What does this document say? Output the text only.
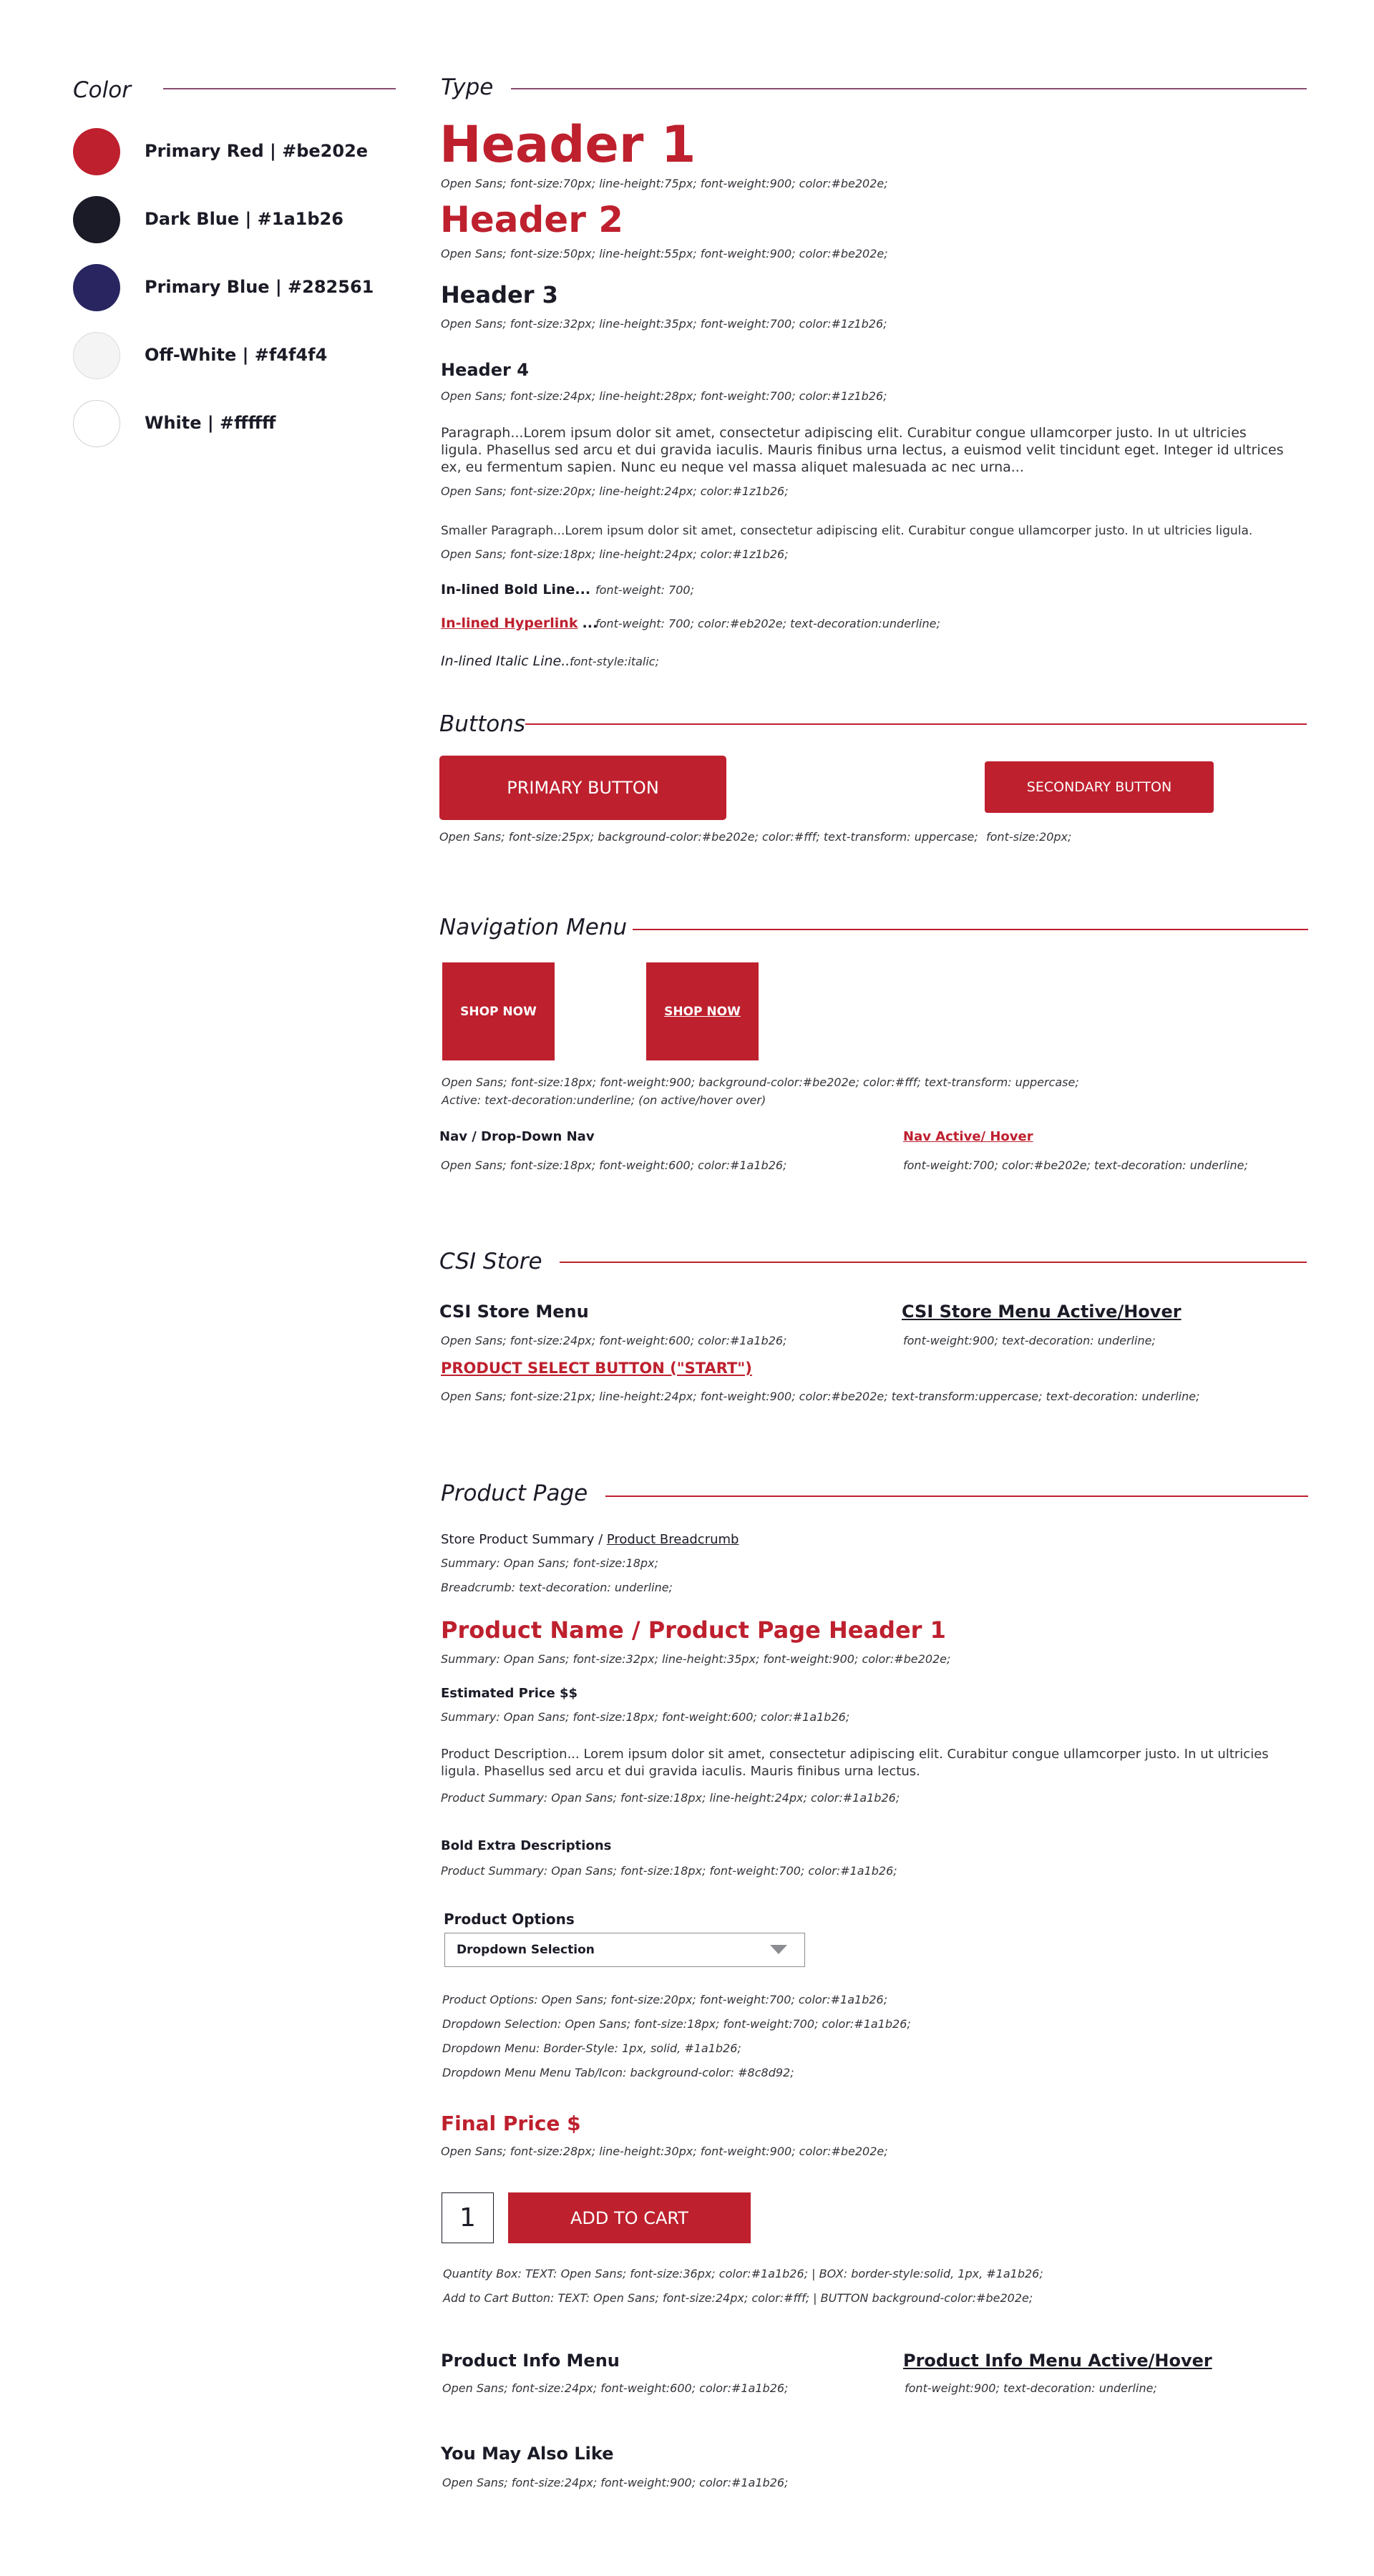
Color
Primary Red | #be202e
Dark Blue | #1a1b26
Primary Blue | #282561
Off-White | #f4f4f4
White | #ffffff
Type
Header 1
Open Sans; font-size:70px; line-height:75px; font-weight:900; color:#be202e;
Header 2
Open Sans; font-size:50px; line-height:55px; font-weight:900; color:#be202e;
Header 3
Open Sans; font-size:32px; line-height:35px; font-weight:700; color:#1z1b26;
Header 4
Open Sans; font-size:24px; line-height:28px; font-weight:700; color:#1z1b26;
Paragraph...Lorem ipsum dolor sit amet, consectetur adipiscing elit. Curabitur congue ullamcorper justo. In ut ultricies ligula. Phasellus sed arcu et dui gravida iaculis. Mauris finibus urna lectus, a euismod velit tincidunt eget. Integer id ultrices ex, eu fermentum sapien. Nunc eu neque vel massa aliquet malesuada ac nec urna...
Open Sans; font-size:20px; line-height:24px; color:#1z1b26;
Smaller Paragraph...Lorem ipsum dolor sit amet, consectetur adipiscing elit. Curabitur congue ullamcorper justo. In ut ultricies ligula.
Open Sans; font-size:18px; line-height:24px; color:#1z1b26;
In-lined Bold Line... font-weight: 700;
In-lined Hyperlink ...
font-weight: 700; color:#eb202e; text-decoration:underline;
In-lined Italic Line...
font-style:italic;
Buttons
PRIMARY BUTTON
Open Sans; font-size:25px; background-color:#be202e; color:#fff; text-transform: uppercase;
SECONDARY BUTTON
font-size:20px;
Navigation Menu
SHOP NOW	SHOP NOW
Open Sans; font-size:18px; font-weight:900; background-color:#be202e; color:#fff; text-transform: uppercase;
Active: text-decoration:underline; (on active/hover over)
Nav / Drop-Down Nav
Open Sans; font-size:18px; font-weight:600; color:#1a1b26;
Nav Active/ Hover
font-weight:700; color:#be202e; text-decoration: underline;
CSI Store
CSI Store Menu
Open Sans; font-size:24px; font-weight:600; color:#1a1b26;
CSI Store Menu Active/Hover
font-weight:900; text-decoration: underline;
PRODUCT SELECT BUTTON ("START")
Open Sans; font-size:21px; line-height:24px; font-weight:900; color:#be202e; text-transform:uppercase; text-decoration: underline;
Product Page
Store Product Summary / Product Breadcrumb
Summary: Opan Sans; font-size:18px;
Breadcrumb: text-decoration: underline;
Product Name / Product Page Header 1
Summary: Opan Sans; font-size:32px; line-height:35px; font-weight:900; color:#be202e;
Estimated Price $$
Summary: Opan Sans; font-size:18px; font-weight:600; color:#1a1b26;
Product Description... Lorem ipsum dolor sit amet, consectetur adipiscing elit. Curabitur congue ullamcorper justo. In ut ultricies ligula. Phasellus sed arcu et dui gravida iaculis. Mauris finibus urna lectus.
Product Summary: Opan Sans; font-size:18px; line-height:24px; color:#1a1b26;
Bold Extra Descriptions
Product Summary: Opan Sans; font-size:18px; font-weight:700; color:#1a1b26;
Product Options
Dropdown Selection
Product Options: Open Sans; font-size:20px; font-weight:700; color:#1a1b26;
Dropdown Selection: Open Sans; font-size:18px; font-weight:700; color:#1a1b26;
Dropdown Menu: Border-Style: 1px, solid, #1a1b26;
Dropdown Menu Menu Tab/Icon: background-color: #8c8d92;
Final Price $
Open Sans; font-size:28px; line-height:30px; font-weight:900; color:#be202e;
1	ADD TO CART
Quantity Box: TEXT: Open Sans; font-size:36px; color:#1a1b26; | BOX: border-style:solid, 1px, #1a1b26;
Add to Cart Button: TEXT: Open Sans; font-size:24px; color:#fff; | BUTTON background-color:#be202e;
Product Info Menu
Open Sans; font-size:24px; font-weight:600; color:#1a1b26;
Product Info Menu Active/Hover
font-weight:900; text-decoration: underline;
You May Also Like
Open Sans; font-size:24px; font-weight:900; color:#1a1b26;
